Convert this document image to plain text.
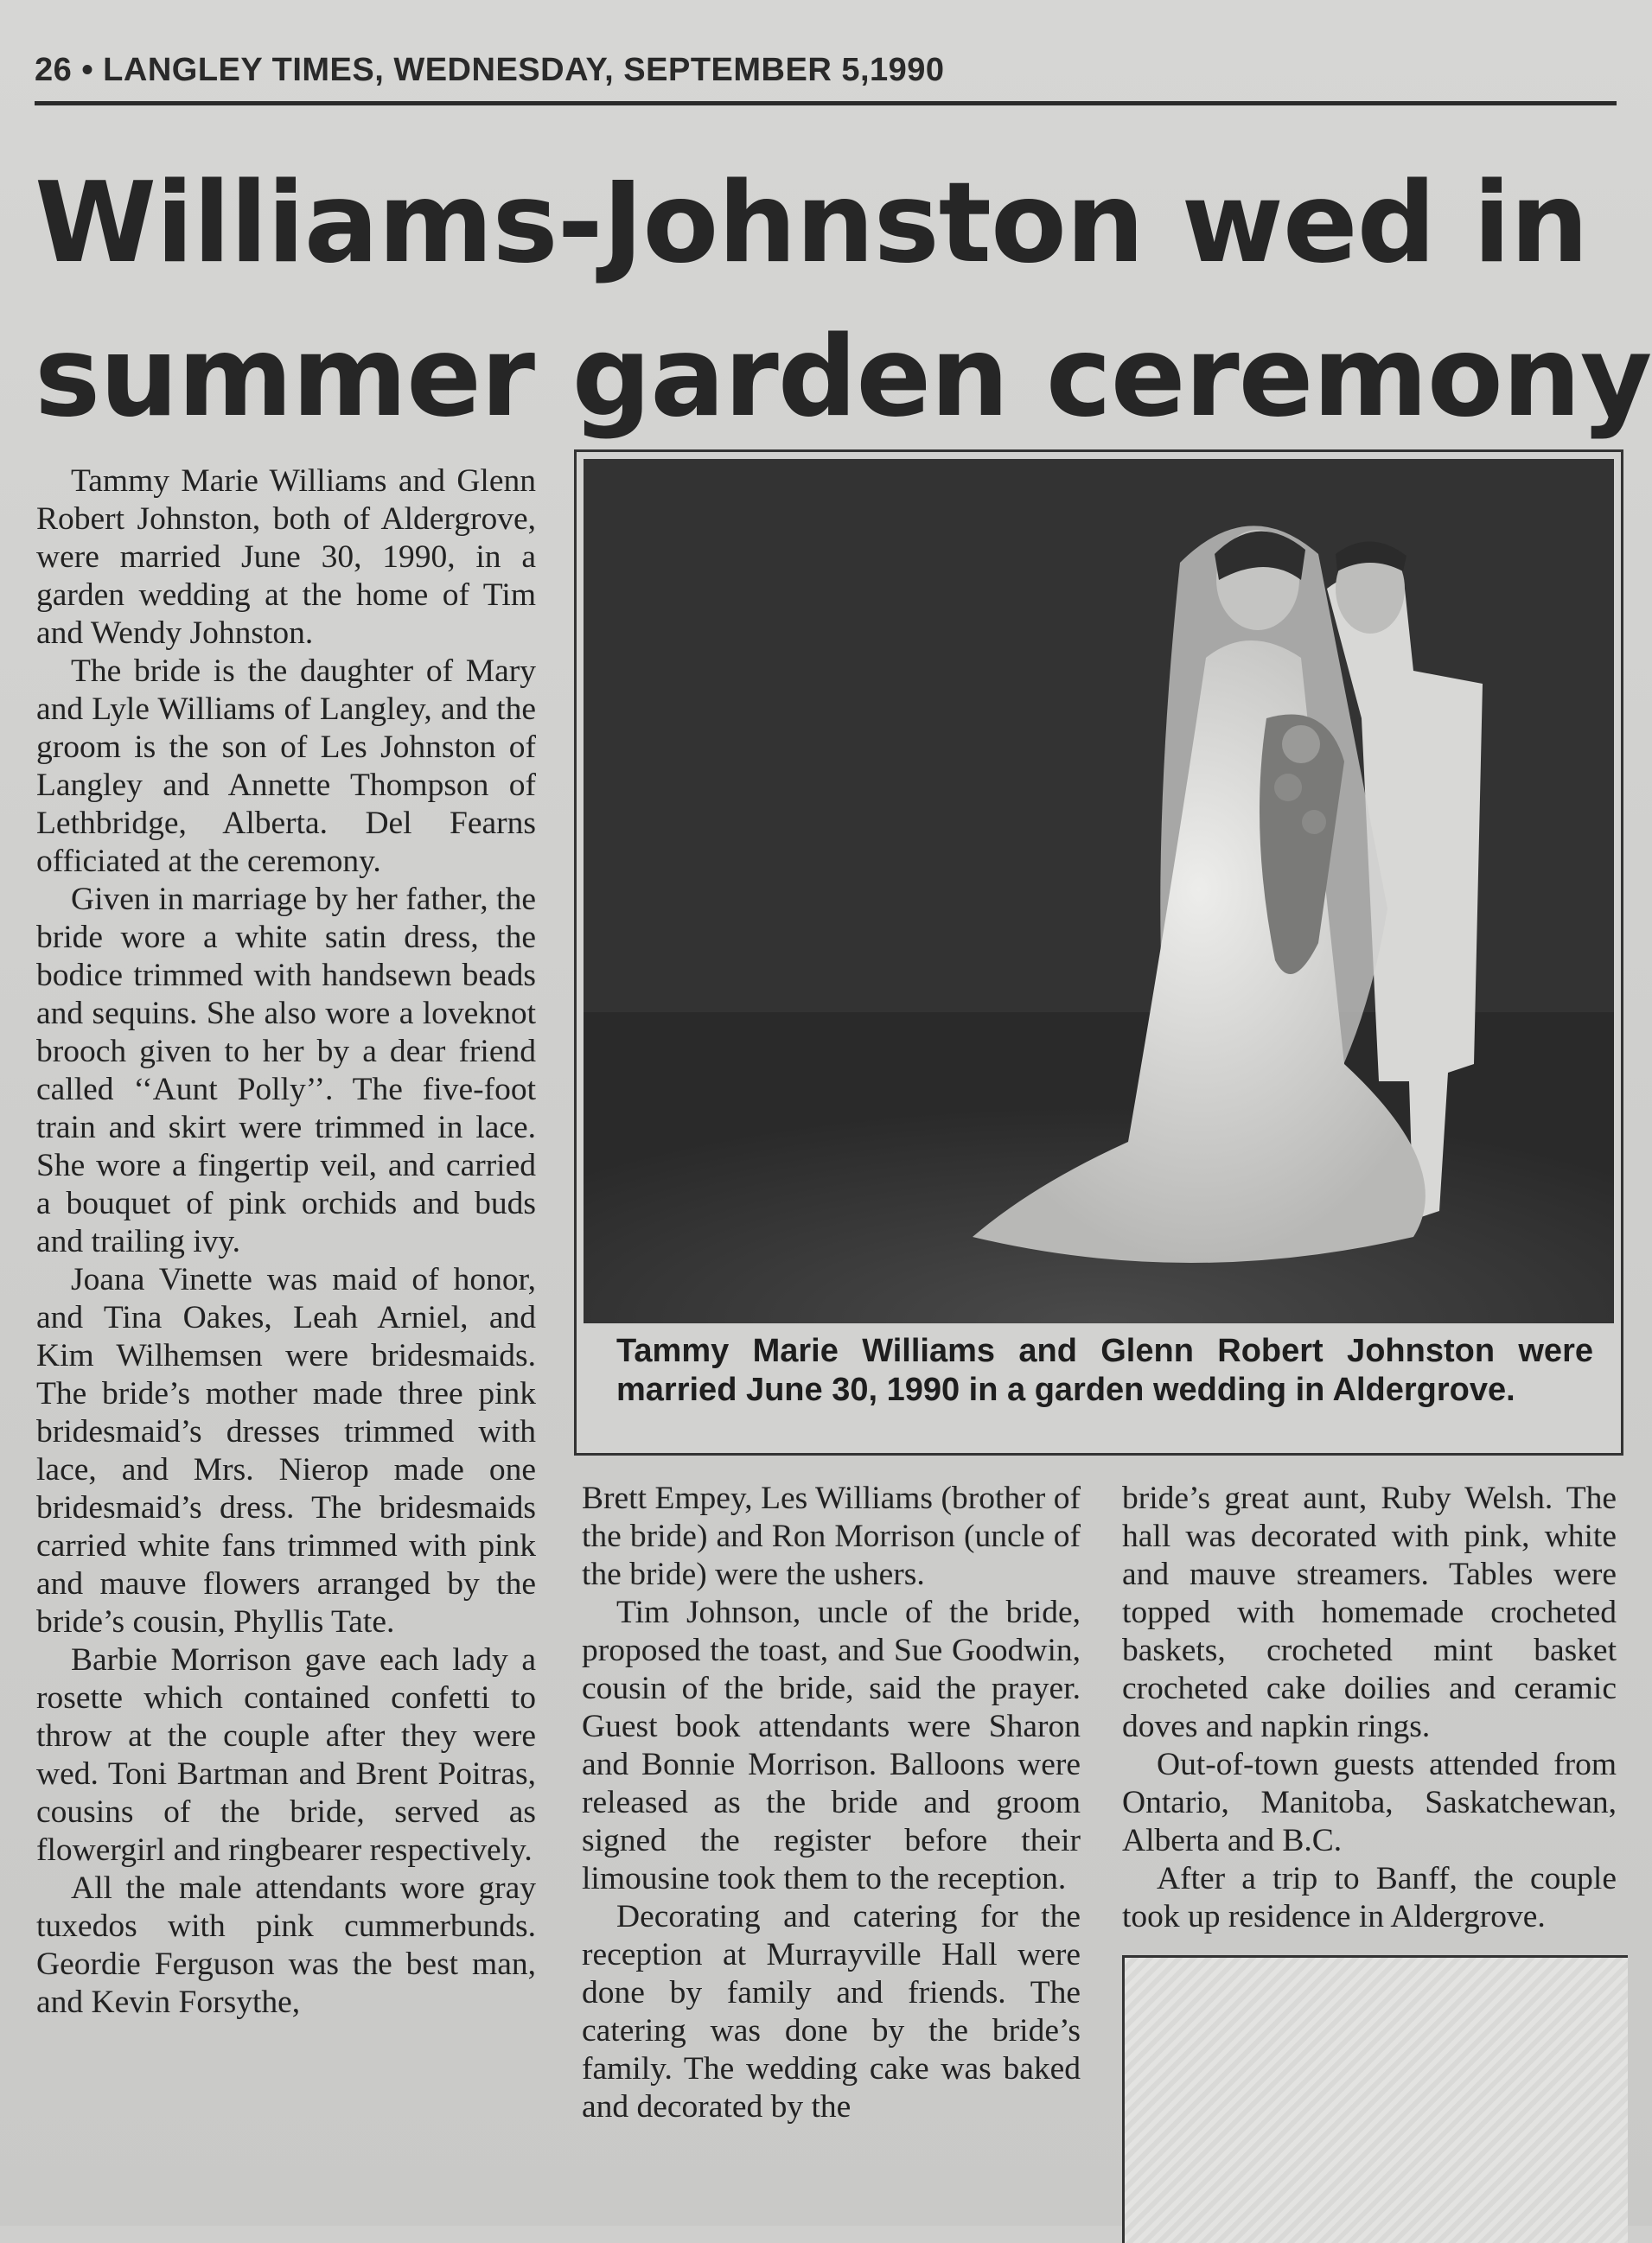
26 • LANGLEY TIMES, WEDNESDAY, SEPTEMBER 5,1990
Williams-Johnston wed in
summer garden ceremony

Tammy Marie Williams and Glenn Robert Johnston, both of Aldergrove, were married June 30, 1990, in a garden wedding at the home of Tim and Wendy Johnston.

The bride is the daughter of Mary and Lyle Williams of Langley, and the groom is the son of Les Johnston of Langley and Annette Thompson of Lethbridge, Alberta. Del Fearns officiated at the ceremony.

Given in marriage by her father, the bride wore a white satin dress, the bodice trimmed with handsewn beads and sequins. She also wore a loveknot brooch given to her by a dear friend called ‘‘Aunt Polly’’. The five-foot train and skirt were trimmed in lace. She wore a fingertip veil, and carried a bouquet of pink orchids and buds and trailing ivy.

Joana Vinette was maid of honor, and Tina Oakes, Leah Arniel, and Kim Wilhemsen were bridesmaids. The bride’s mother made three pink bridesmaid’s dresses trimmed with lace, and Mrs. Nierop made one bridesmaid’s dress. The bridesmaids carried white fans trimmed with pink and mauve flowers arranged by the bride’s cousin, Phyllis Tate.

Barbie Morrison gave each lady a rosette which contained confetti to throw at the couple after they were wed. Toni Bartman and Brent Poitras, cousins of the bride, served as flowergirl and ringbearer respectively.

All the male attendants wore gray tuxedos with pink cummerbunds. Geordie Ferguson was the best man, and Kevin Forsythe,

Tammy Marie Williams and Glenn Robert Johnston were married June 30, 1990 in a garden wedding in Aldergrove.

Brett Empey, Les Williams (brother of the bride) and Ron Morrison (uncle of the bride) were the ushers.

Tim Johnson, uncle of the bride, proposed the toast, and Sue Goodwin, cousin of the bride, said the prayer. Guest book attendants were Sharon and Bonnie Morrison. Balloons were released as the bride and groom signed the register before their limousine took them to the reception.

Decorating and catering for the reception at Murrayville Hall were done by family and friends. The catering was done by the bride’s family. The wedding cake was baked and decorated by the

bride’s great aunt, Ruby Welsh. The hall was decorated with pink, white and mauve streamers. Tables were topped with homemade crocheted baskets, crocheted mint basket crocheted cake doilies and ceramic doves and napkin rings.

Out-of-town guests attended from Ontario, Manitoba, Saskatchewan, Alberta and B.C.

After a trip to Banff, the couple took up residence in Aldergrove.
